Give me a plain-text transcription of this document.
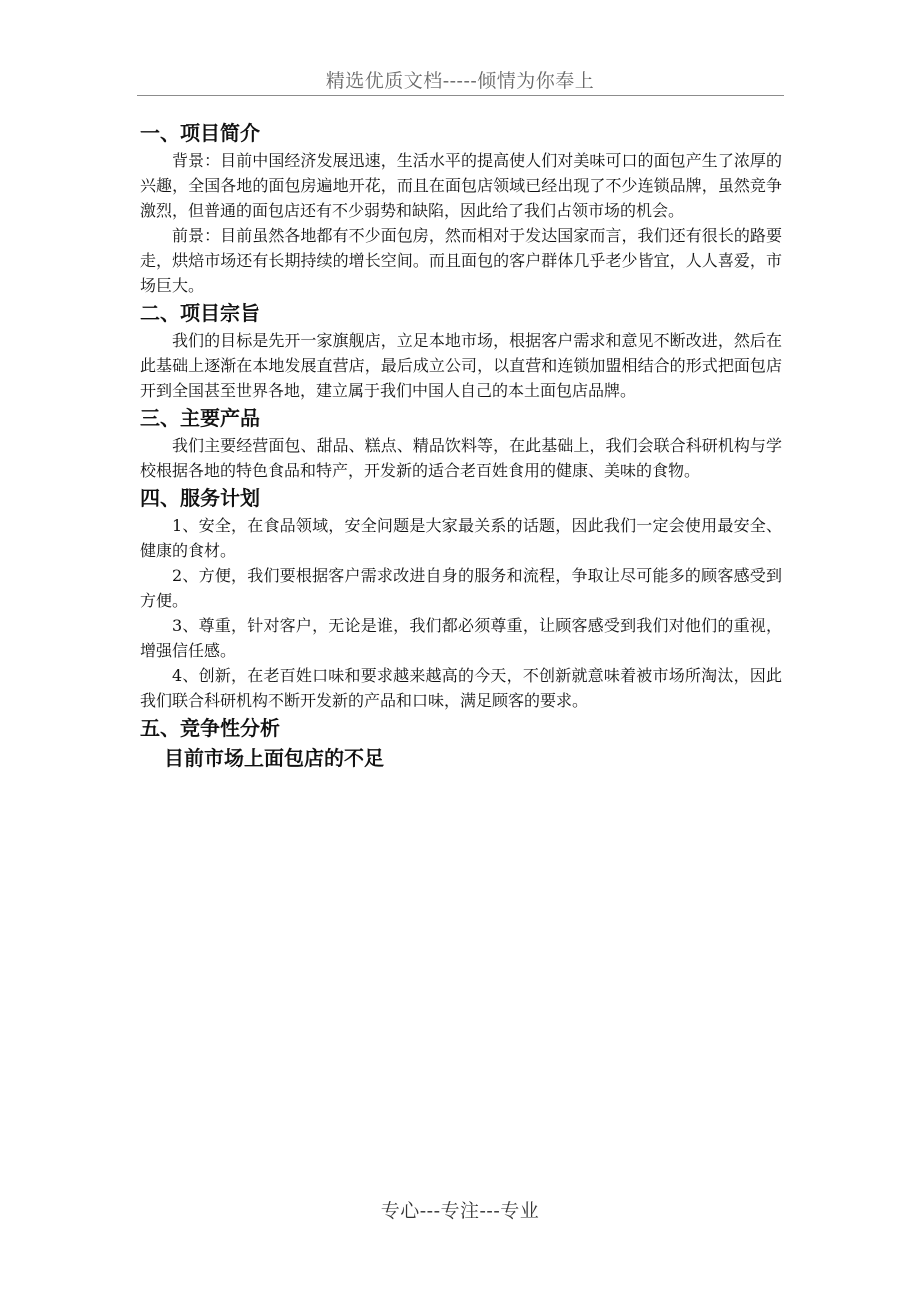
精选优质文档-----倾情为你奉上
一、项目简介

背景：目前中国经济发展迅速，生活水平的提高使人们对美味可口的面包产生了浓厚的兴趣，全国各地的面包房遍地开花，而且在面包店领域已经出现了不少连锁品牌，虽然竞争激烈，但普通的面包店还有不少弱势和缺陷，因此给了我们占领市场的机会。

前景：目前虽然各地都有不少面包房，然而相对于发达国家而言，我们还有很长的路要走，烘焙市场还有长期持续的增长空间。而且面包的客户群体几乎老少皆宜，人人喜爱，市场巨大。

二、项目宗旨

我们的目标是先开一家旗舰店，立足本地市场，根据客户需求和意见不断改进，然后在此基础上逐渐在本地发展直营店，最后成立公司，以直营和连锁加盟相结合的形式把面包店开到全国甚至世界各地，建立属于我们中国人自己的本土面包店品牌。

三、主要产品

我们主要经营面包、甜品、糕点、精品饮料等，在此基础上，我们会联合科研机构与学校根据各地的特色食品和特产，开发新的适合老百姓食用的健康、美味的食物。

四、服务计划

1、安全，在食品领域，安全问题是大家最关系的话题，因此我们一定会使用最安全、健康的食材。

2、方便，我们要根据客户需求改进自身的服务和流程，争取让尽可能多的顾客感受到方便。

3、尊重，针对客户，无论是谁，我们都必须尊重，让顾客感受到我们对他们的重视，增强信任感。

4、创新，在老百姓口味和要求越来越高的今天，不创新就意味着被市场所淘汰，因此我们联合科研机构不断开发新的产品和口味，满足顾客的要求。

五、竞争性分析
目前市场上面包店的不足
专心---专注---专业
